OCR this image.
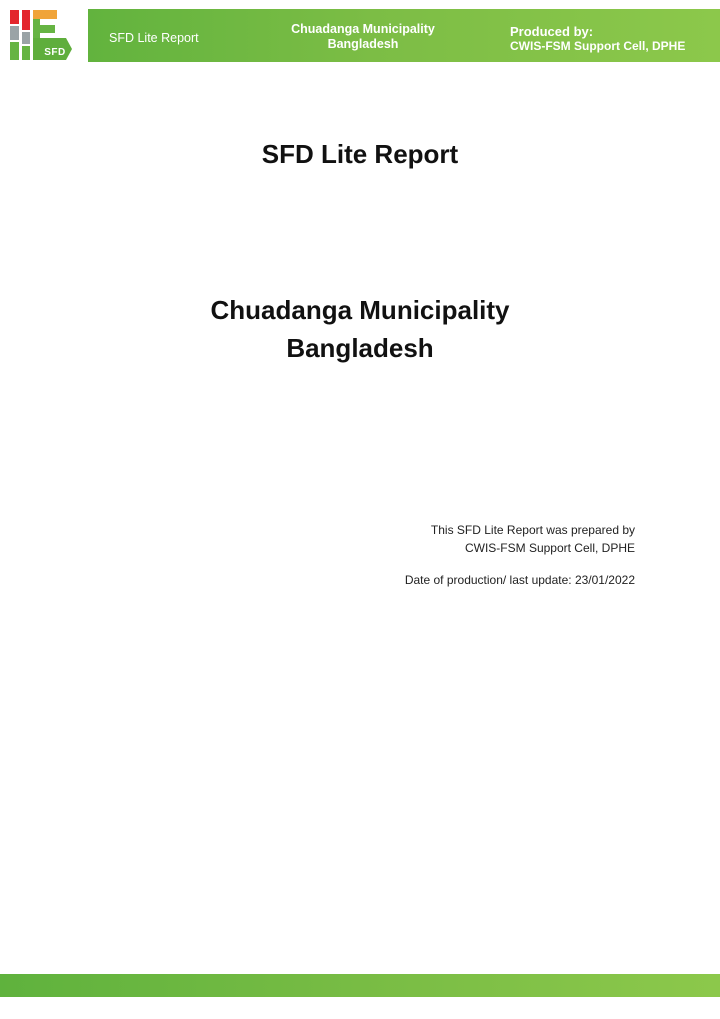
SFD
SFD Lite Report
Chuadanga Municipality
Bangladesh
Produced by:
CWIS-FSM Support Cell, DPHE
SFD Lite Report
Chuadanga Municipality
Bangladesh
This SFD Lite Report was prepared by
CWIS-FSM Support Cell, DPHE
Date of production/ last update: 23/01/2022
